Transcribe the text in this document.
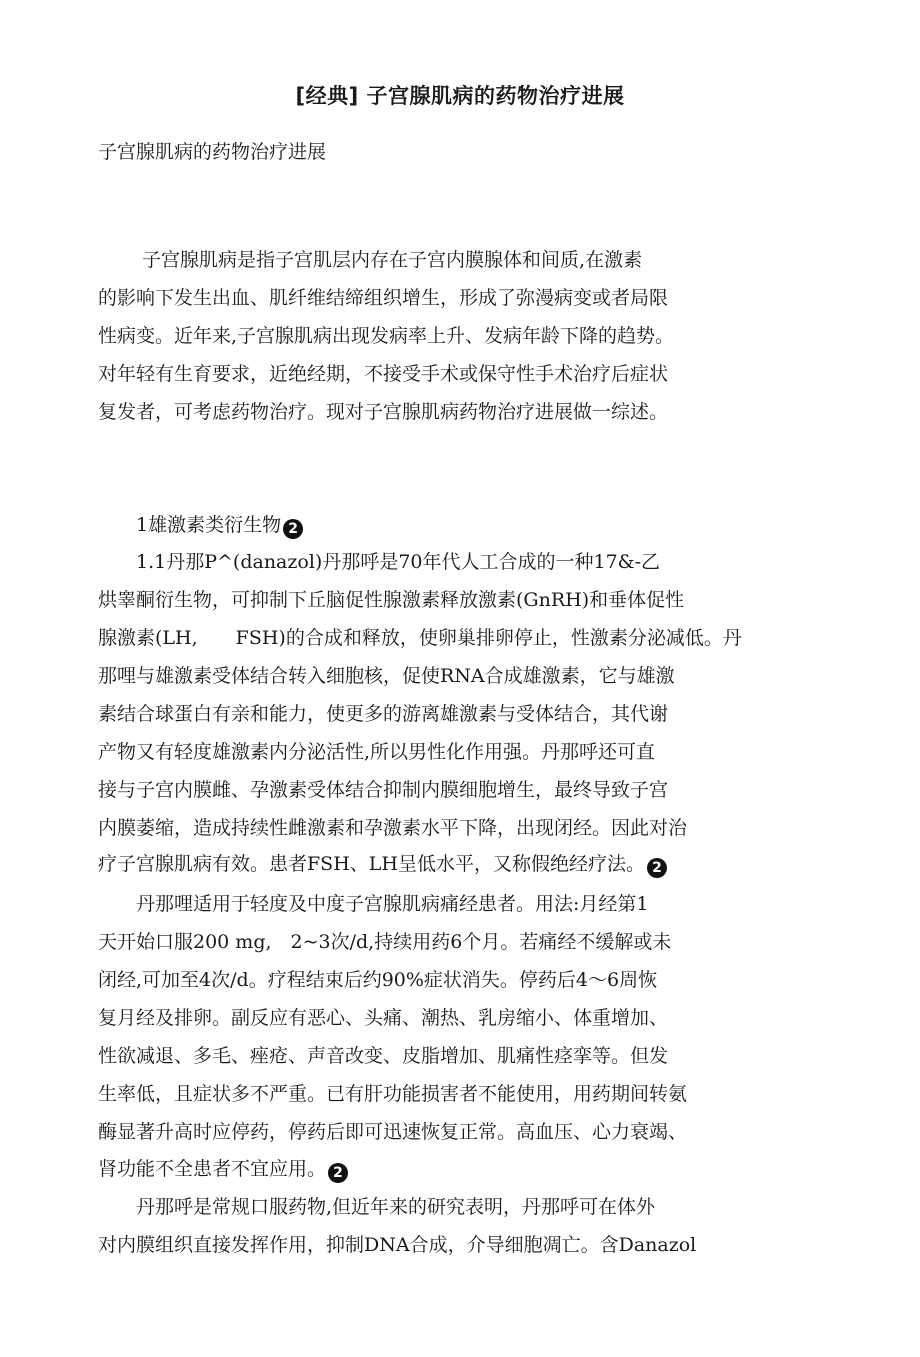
[经典] 子宫腺肌病的药物治疗进展
子宫腺肌病的药物治疗进展
　　 子宫腺肌病是指子宫肌层内存在子宫内膜腺体和间质,在激素
的影响下发生出血、肌纤维结缔组织增生，形成了弥漫病变或者局限
性病变。近年来,子宫腺肌病出现发病率上升、发病年龄下降的趋势。
对年轻有生育要求，近绝经期，不接受手术或保守性手术治疗后症状
复发者，可考虑药物治疗。现对子宫腺肌病药物治疗进展做一综述。
　　1雄激素类衍生物 2
　　1.1丹那P^(danazol)丹那呼是70年代人工合成的一种17&-乙
烘睾酮衍生物，可抑制下丘脑促性腺激素释放激素(GnRH)和垂体促性
腺激素(LH,　　FSH)的合成和释放，使卵巢排卵停止，性激素分泌减低。丹
那哩与雄激素受体结合转入细胞核，促使RNA合成雄激素，它与雄激
素结合球蛋白有亲和能力，使更多的游离雄激素与受体结合，其代谢
产物又有轻度雄激素内分泌活性,所以男性化作用强。丹那呼还可直
接与子宫内膜雌、孕激素受体结合抑制内膜细胞增生，最终导致子宫
内膜萎缩，造成持续性雌激素和孕激素水平下降，出现闭经。因此对治
疗子宫腺肌病有效。患者FSH、LH呈低水平，又称假绝经疗法。 2
　　丹那哩适用于轻度及中度子宫腺肌病痛经患者。用法:月经第1
天开始口服200 mg,　2~3次/d,持续用药6个月。若痛经不缓解或未
闭经,可加至4次/d。疗程结束后约90%症状消失。停药后4～6周恢
复月经及排卵。副反应有恶心、头痛、潮热、乳房缩小、体重增加、
性欲减退、多毛、痤疮、声音改变、皮脂增加、肌痛性痉挛等。但发
生率低，且症状多不严重。已有肝功能损害者不能使用，用药期间转氨
酶显著升高时应停药，停药后即可迅速恢复正常。高血压、心力衰竭、
肾功能不全患者不宜应用。 2
　　丹那呼是常规口服药物,但近年来的研究表明，丹那呼可在体外
对内膜组织直接发挥作用，抑制DNA合成，介导细胞凋亡。含Danazol
